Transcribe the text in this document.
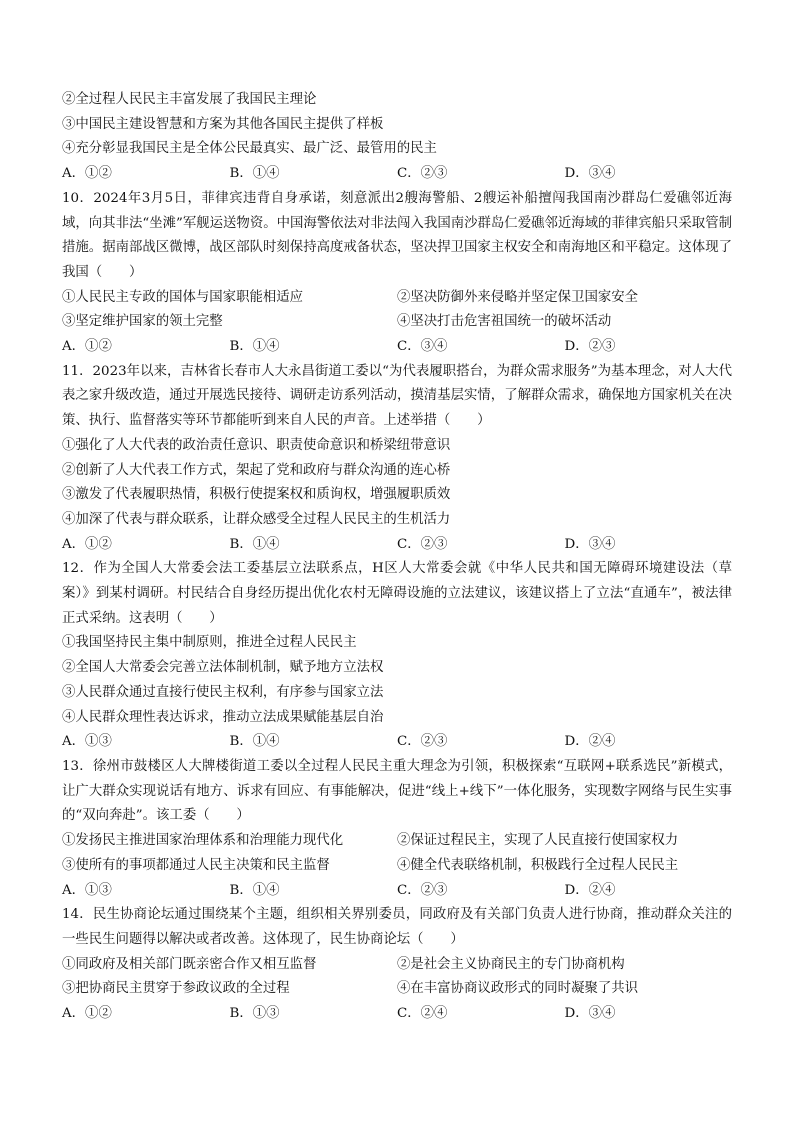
②全过程人民民主丰富发展了我国民主理论
③中国民主建设智慧和方案为其他各国民主提供了样板
④充分彰显我国民主是全体公民最真实、最广泛、最管用的民主
A．①②	B．①④	C．②③	D．③④
10．2024年3月5日，菲律宾违背自身承诺，刻意派出2艘海警船、2艘运补船擅闯我国南沙群岛仁爱礁邻近海域，向其非法“坐滩”军舰运送物资。中国海警依法对非法闯入我国南沙群岛仁爱礁邻近海域的菲律宾船只采取管制措施。据南部战区微博，战区部队时刻保持高度戒备状态，坚决捍卫国家主权安全和南海地区和平稳定。这体现了我国（　　）
①人民民主专政的国体与国家职能相适应	②坚决防御外来侵略并坚定保卫国家安全
③坚定维护国家的领土完整	④坚决打击危害祖国统一的破坏活动
A．①②	B．①④	C．③④	D．②③
11．2023年以来，吉林省长春市人大永昌街道工委以“为代表履职搭台，为群众需求服务”为基本理念，对人大代表之家升级改造，通过开展选民接待、调研走访系列活动，摸清基层实情，了解群众需求，确保地方国家机关在决策、执行、监督落实等环节都能听到来自人民的声音。上述举措（　　）
①强化了人大代表的政治责任意识、职责使命意识和桥梁纽带意识
②创新了人大代表工作方式，架起了党和政府与群众沟通的连心桥
③激发了代表履职热情，积极行使提案权和质询权，增强履职质效
④加深了代表与群众联系，让群众感受全过程人民民主的生机活力
A．①②	B．①④	C．②③	D．③④
12．作为全国人大常委会法工委基层立法联系点，H区人大常委会就《中华人民共和国无障碍环境建设法（草案）》到某村调研。村民结合自身经历提出优化农村无障碍设施的立法建议，该建议搭上了立法“直通车”，被法律正式采纳。这表明（　　）
①我国坚持民主集中制原则，推进全过程人民民主
②全国人大常委会完善立法体制机制，赋予地方立法权
③人民群众通过直接行使民主权利，有序参与国家立法
④人民群众理性表达诉求，推动立法成果赋能基层自治
A．①③	B．①④	C．②③	D．②④
13．徐州市鼓楼区人大牌楼街道工委以全过程人民民主重大理念为引领，积极探索“互联网+联系选民”新模式，让广大群众实现说话有地方、诉求有回应、有事能解决，促进“线上+线下”一体化服务，实现数字网络与民生实事的“双向奔赴”。该工委（　　）
①发扬民主推进国家治理体系和治理能力现代化	②保证过程民主，实现了人民直接行使国家权力
③使所有的事项都通过人民主决策和民主监督	④健全代表联络机制，积极践行全过程人民民主
A．①③	B．①④	C．②③	D．②④
14．民生协商论坛通过围绕某个主题，组织相关界别委员，同政府及有关部门负责人进行协商，推动群众关注的一些民生问题得以解决或者改善。这体现了，民生协商论坛（　　）
①同政府及相关部门既亲密合作又相互监督	②是社会主义协商民主的专门协商机构
③把协商民主贯穿于参政议政的全过程	④在丰富协商议政形式的同时凝聚了共识
A．①②	B．①③	C．②④	D．③④
